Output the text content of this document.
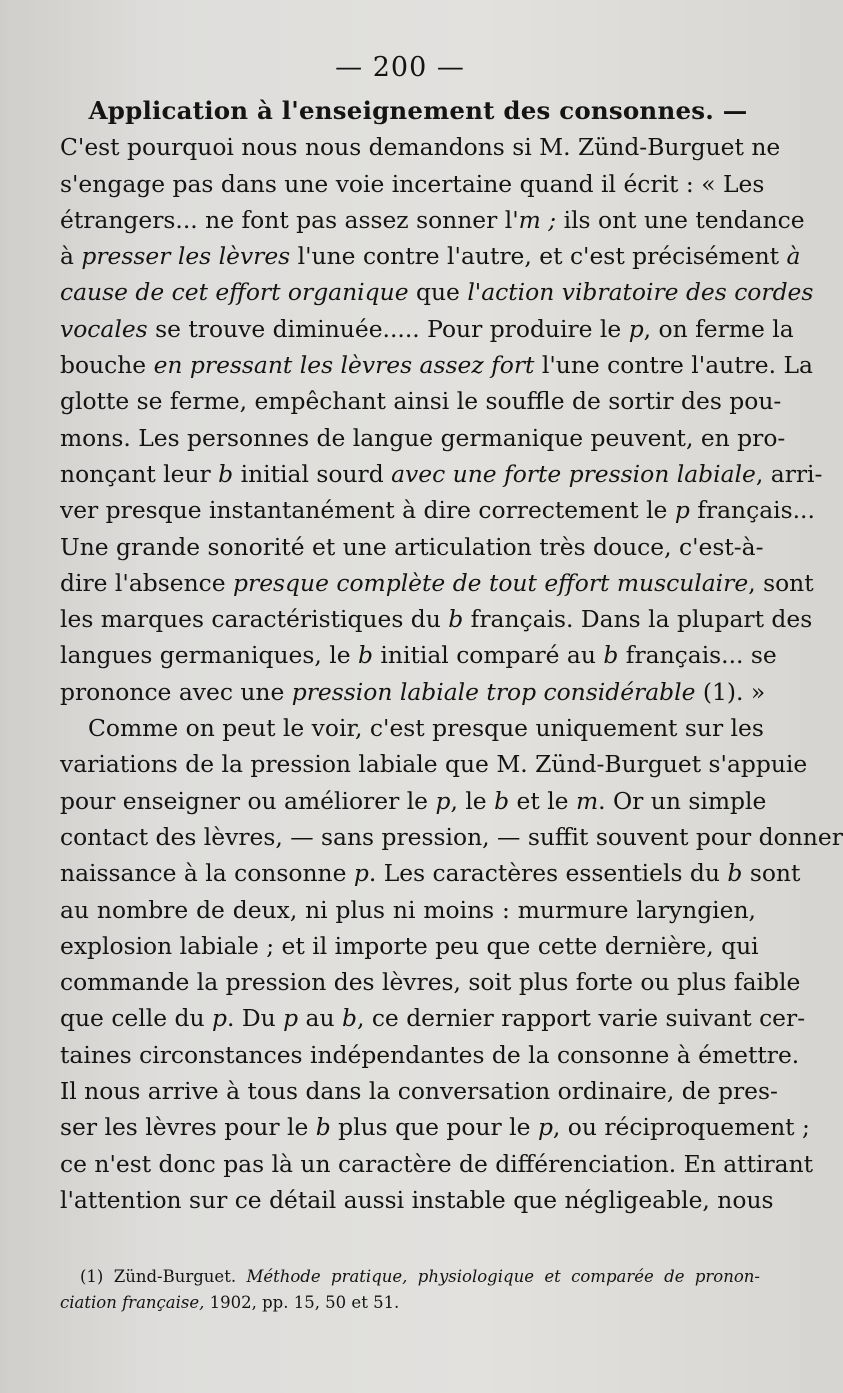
— 200 —
Application à l'enseignement des consonnes. —
C'est pourquoi nous nous demandons si M. Zünd-Burguet ne
s'engage pas dans une voie incertaine quand il écrit : « Les
étrangers... ne font pas assez sonner l'm ; ils ont une tendance
à presser les lèvres l'une contre l'autre, et c'est précisément à
cause de cet effort organique que l'action vibratoire des cordes
vocales se trouve diminuée..... Pour produire le p, on ferme la
bouche en pressant les lèvres assez fort l'une contre l'autre. La
glotte se ferme, empêchant ainsi le souffle de sortir des pou-
mons. Les personnes de langue germanique peuvent, en pro-
nonçant leur b initial sourd avec une forte pression labiale, arri-
ver presque instantanément à dire correctement le p français...
Une grande sonorité et une articulation très douce, c'est-à-
dire l'absence presque complète de tout effort musculaire, sont
les marques caractéristiques du b français. Dans la plupart des
langues germaniques, le b initial comparé au b français... se
prononce avec une pression labiale trop considérable (1). »
Comme on peut le voir, c'est presque uniquement sur les
variations de la pression labiale que M. Zünd-Burguet s'appuie
pour enseigner ou améliorer le p, le b et le m. Or un simple
contact des lèvres, — sans pression, — suffit souvent pour donner
naissance à la consonne p. Les caractères essentiels du b sont
au nombre de deux, ni plus ni moins : murmure laryngien,
explosion labiale ; et il importe peu que cette dernière, qui
commande la pression des lèvres, soit plus forte ou plus faible
que celle du p. Du p au b, ce dernier rapport varie suivant cer-
taines circonstances indépendantes de la consonne à émettre.
Il nous arrive à tous dans la conversation ordinaire, de pres-
ser les lèvres pour le b plus que pour le p, ou réciproquement ;
ce n'est donc pas là un caractère de différenciation. En attirant
l'attention sur ce détail aussi instable que négligeable, nous
(1) Zünd-Burguet. Méthode pratique, physiologique et comparée de pronon-
ciation française, 1902, pp. 15, 50 et 51.
